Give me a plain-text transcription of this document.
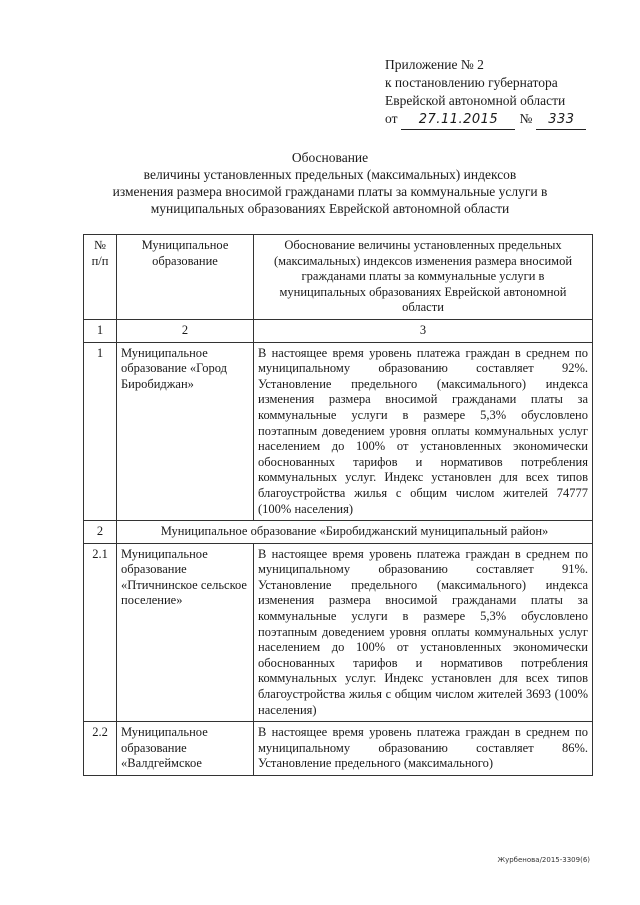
Приложение № 2
к постановлению губернатора
Еврейской автономной области
от	27.11.2015	№	333
Обоснование
величины установленных предельных (максимальных) индексов
изменения размера вносимой гражданами платы за коммунальные услуги в
муниципальных образованиях Еврейской автономной области
№ п/п	Муниципальное образование	Обоснование величины установленных предельных (максимальных) индексов изменения размера вносимой гражданами платы за коммунальные услуги в муниципальных образованиях Еврейской автономной области
1	2	3
1	Муниципальное образование «Город Биробиджан»	В настоящее время уровень платежа граждан в среднем по муниципальному образованию составляет 92%. Установление предельного (максимального) индекса изменения размера вносимой гражданами платы за коммунальные услуги в размере 5,3% обусловлено поэтапным доведением уровня оплаты коммунальных услуг населением до 100% от установленных экономически обоснованных тарифов и нормативов потребления коммунальных услуг. Индекс установлен для всех типов благоустройства жилья с общим числом жителей 74777 (100% населения)
2	Муниципальное образование «Биробиджанский муниципальный район»	
2.1	Муниципальное образование «Птичнинское сельское поселение»	В настоящее время уровень платежа граждан в среднем по муниципальному образованию составляет 91%. Установление предельного (максимального) индекса изменения размера вносимой гражданами платы за коммунальные услуги в размере 5,3% обусловлено поэтапным доведением уровня оплаты коммунальных услуг населением до 100% от установленных экономически обоснованных тарифов и нормативов потребления коммунальных услуг. Индекс установлен для всех типов благоустройства жилья с общим числом жителей 3693 (100% населения)
2.2	Муниципальное образование «Валдгеймское	В настоящее время уровень платежа граждан в среднем по муниципальному образованию составляет 86%. Установление предельного (максимального)
Журбенова/2015-3309(6)
